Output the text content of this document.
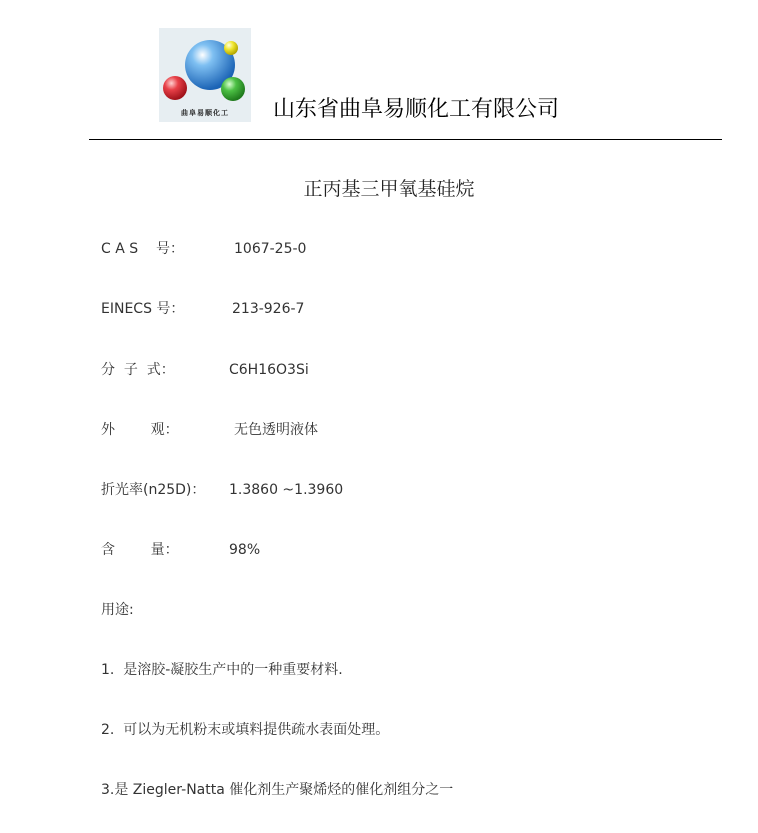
曲阜易顺化工	山东省曲阜易顺化工有限公司
正丙基三甲氧基硅烷
C A S    号：	1067-25-0
EINECS 号：	213-926-7
分  子  式：	C6H16O3Si
外        观：	无色透明液体
折光率(n25D)： 1.3860 ~1.3960
含        量：	98%
用途:
1.  是溶胶-凝胶生产中的一种重要材料.
2.  可以为无机粉末或填料提供疏水表面处理。
3.是 Ziegler-Natta 催化剂生产聚烯烃的催化剂组分之一
